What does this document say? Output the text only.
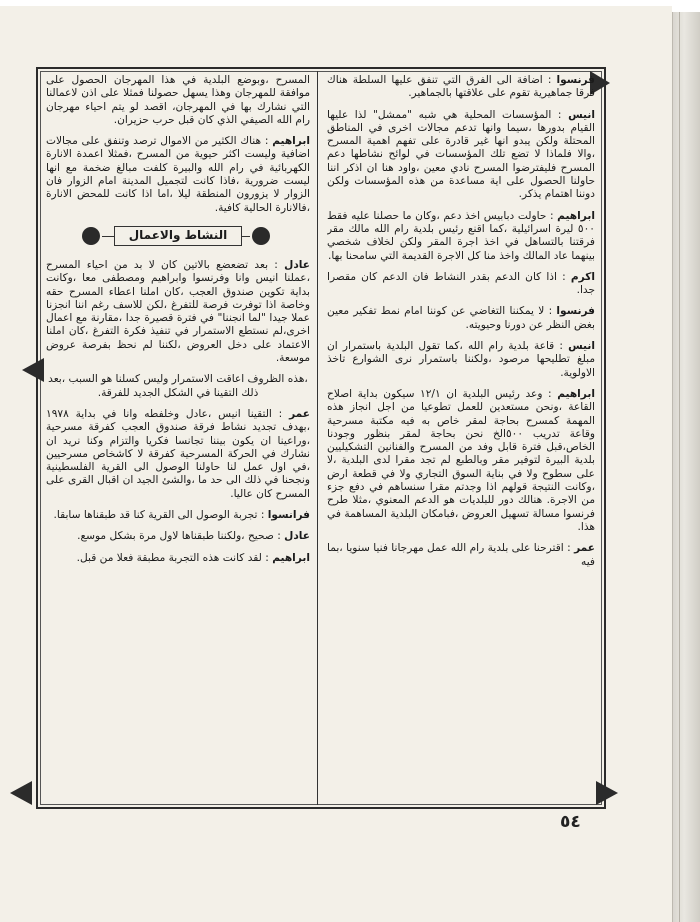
فرنسوا : اضافة الى الفرق التي تنفق عليها السلطة هناك فرقا جماهيرية تقوم على علاقتها بالجماهير.

انيس : المؤسسات المحلية هي شبه "ممشل" لذا عليها القيام بدورها ،سيما وانها تدعم مجالات اخرى في المناطق المحتلة ولكن يبدو انها غير قادرة على تفهم اهمية المسرح ،والا فلماذا لا تضع تلك المؤسسات في لوائح نشاطها دعم المسرح فليفترضوا المسرح نادي معين ،واود هنا ان اذكر اننا حاولنا الحصول على اية مساعدة من هذه المؤسسات ولكن دوننا اهتمام يذكر.

ابراهيم : حاولت دبابيس اخذ دعم ،وكان ما حصلنا عليه فقط ٥٠٠ ليرة اسرائيلية ،كما اقنع رئيس بلدية رام الله مالك مقر فرقتنا بالتساهل في اخذ اجرة المقر ولكن لخلاف شخصي بينهما عاد المالك واخذ منا كل الاجرة القديمة التي سامحنا بها.

اكرم : اذا كان الدعم بقدر النشاط فان الدعم كان مقصرا جدا.

فرنسوا : لا يمكننا التغاضي عن كوننا امام نمط تفكير معين بغض النظر عن دورنا وحيويته.

انيس : قاعة بلدية رام الله ،كما تقول البلدية باستمرار ان مبلغ تطليحها مرصود ،ولكننا باستمرار نرى الشوارع تاخذ الاولوية.

ابراهيم : وعد رئيس البلدية ان ١٢/١ سيكون بداية اصلاح القاعة ،ونحن مستعدين للعمل تطوعيا من اجل انجاز هذه المهمة كمسرح بحاجة لمقر خاص به فيه مكتبة مسرحية وقاعة تدريب ٥٠٠الخ نحن بحاجة لمقر بنظور وجودنا الخاص،قبل فترة قابل وفد من المسرح والفنانين التشكيليين بلدية البيرة لتوفير مقر وبالطبع لم تجد مقرا لدى البلدية ،لا على سطوح ولا في بناية السوق التجاري ولا في قطعة ارض ،وكانت النتيجة قولهم اذا وجدتم مقرا سنساهم في دفع جزء من الاجرة. هنالك دور للبلديات هو الدعم المعنوي ،مثلا طرح فرنسوا مسالة تسهيل العروض ،فبامكان البلدية المساهمة في هذا.

عمر : اقترحنا على بلدية رام الله عمل مهرجانا فنيا سنويا ،بما فيه

المسرح ،وبوضع البلدية في هذا المهرجان الحصول على موافقة للمهرجان وهذا يسهل حصولنا فمثلا على اذن لاعمالنا التي نشارك بها في المهرجان، اقصد لو يتم احياء مهرجان رام الله الصيفي الذي كان قبل حرب حزيران.

ابراهيم : هناك الكثير من الاموال ترصد وتنفق على مجالات اضافية وليست اكثر حيوية من المسرح ،فمثلا اعمدة الانارة الكهربائية في رام الله والبيرة كلفت مبالغ ضخمة مع انها ليست ضرورية ،فاذا كانت لتجميل المدينة امام الزوار فان الزوار لا يزورون المنطقة ليلا ،اما اذا كانت للمحض الانارة ،فالانارة الحالية كافية.

النشاط والاعمال

عادل : بعد تضعضع بالاتين كان لا بد من احياء المسرح ،عملنا انيس وانا وفرنسوا وابراهيم ومصطفى معا ،وكانت بداية تكوين صندوق العجب ،كان املنا اعطاء المسرح حقه وخاصة اذا توفرت فرصة للتفرغ ،لكن للاسف رغم اننا انجزنا عملا جيدا "لما انجننا" في فترة قصيرة جدا ،مقارنة مع اعمال اخرى،لم نستطع الاستمرار في تنفيذ فكرة التفرغ ،كان املنا الاعتماد على دخل العروض ،لكننا لم نحظ بفرصة عروض موسعة.

،هذه الظروف اعاقت الاستمرار وليس كسلنا هو السبب ،بعد ذلك التقينا في الشكل الجديد للفرقة.

عمر : التقينا انيس ،عادل وخلفطه وانا في بداية ١٩٧٨ ،بهدف تجديد نشاط فرقة صندوق العجب كفرقة مسرحية ،وراعينا ان يكون بيننا تجانسا فكريا والتزام وكنا نريد ان نشارك في الحركة المسرحية كفرقة لا كاشخاص مسرحيين ،في اول عمل لنا حاولنا الوصول الى القرية الفلسطينية ونجحنا في ذلك الى حد ما ،والشئ الجيد ان اقبال القرى على المسرح كان عاليا.

فرانسوا : تجربة الوصول الى القرية كنا قد طبقناها سابقا.

عادل : صحيح ،ولكننا طبقناها لاول مرة بشكل موسع.

ابراهيم : لقد كانت هذه التجربة مطبقة فعلا من قبل.

٥٤
